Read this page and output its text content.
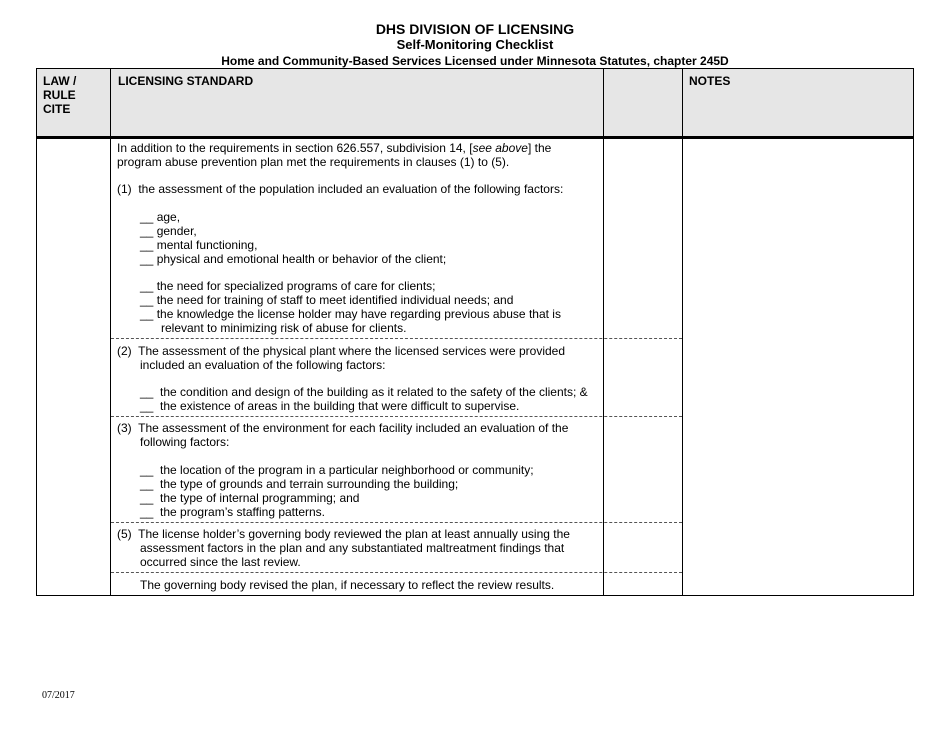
DHS DIVISION OF LICENSING
Self-Monitoring Checklist
Home and Community-Based Services Licensed under Minnesota Statutes, chapter 245D
LAW /
RULE
CITE
LICENSING STANDARD	NOTES
In addition to the requirements in section 626.557, subdivision 14, [see above] the
program abuse prevention plan met the requirements in clauses (1) to (5).
(1) the assessment of the population included an evaluation of the following factors:
__ age,
__ gender,
__ mental functioning,
__ physical and emotional health or behavior of the client;
__ the need for specialized programs of care for clients;
__ the need for training of staff to meet identified individual needs; and
__ the knowledge the license holder may have regarding previous abuse that is
relevant to minimizing risk of abuse for clients.
(2) The assessment of the physical plant where the licensed services were provided
included an evaluation of the following factors:
__ the condition and design of the building as it related to the safety of the clients; &
__ the existence of areas in the building that were difficult to supervise.
(3) The assessment of the environment for each facility included an evaluation of the
following factors:
__ the location of the program in a particular neighborhood or community;
__ the type of grounds and terrain surrounding the building;
__ the type of internal programming; and
__ the program’s staffing patterns.
(5) The license holder’s governing body reviewed the plan at least annually using the
assessment factors in the plan and any substantiated maltreatment findings that
occurred since the last review.
The governing body revised the plan, if necessary to reflect the review results.
07/2017
